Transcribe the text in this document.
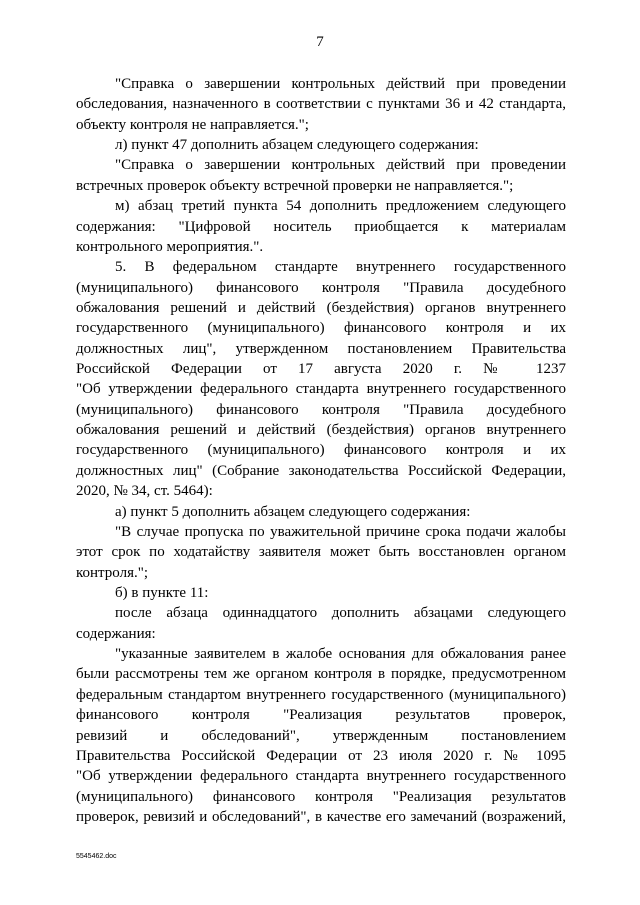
7
"Справка о завершении контрольных действий при проведении
обследования, назначенного в соответствии с пунктами 36 и 42 стандарта,
объекту контроля не направляется.";
л) пункт 47 дополнить абзацем следующего содержания:
"Справка о завершении контрольных действий при проведении
встречных проверок объекту встречной проверки не направляется.";
м) абзац третий пункта 54 дополнить предложением следующего
содержания: "Цифровой носитель приобщается к материалам
контрольного мероприятия.".
5. В федеральном стандарте внутреннего государственного
(муниципального) финансового контроля "Правила досудебного
обжалования решений и действий (бездействия) органов внутреннего
государственного (муниципального) финансового контроля и их
должностных лиц", утвержденном постановлением Правительства
Российской Федерации от 17 августа 2020 г. № 1237
"Об утверждении федерального стандарта внутреннего государственного
(муниципального) финансового контроля "Правила досудебного
обжалования решений и действий (бездействия) органов внутреннего
государственного (муниципального) финансового контроля и их
должностных лиц" (Собрание законодательства Российской Федерации,
2020, № 34, ст. 5464):
а) пункт 5 дополнить абзацем следующего содержания:
"В случае пропуска по уважительной причине срока подачи жалобы
этот срок по ходатайству заявителя может быть восстановлен органом
контроля.";
б) в пункте 11:
после абзаца одиннадцатого дополнить абзацами следующего
содержания:
"указанные заявителем в жалобе основания для обжалования ранее
были рассмотрены тем же органом контроля в порядке, предусмотренном
федеральным стандартом внутреннего государственного (муниципального)
финансового контроля "Реализация результатов проверок,
ревизий и обследований", утвержденным постановлением
Правительства Российской Федерации от 23 июля 2020 г. № 1095
"Об утверждении федерального стандарта внутреннего государственного
(муниципального) финансового контроля "Реализация результатов
проверок, ревизий и обследований", в качестве его замечаний (возражений,
5545462.doc
